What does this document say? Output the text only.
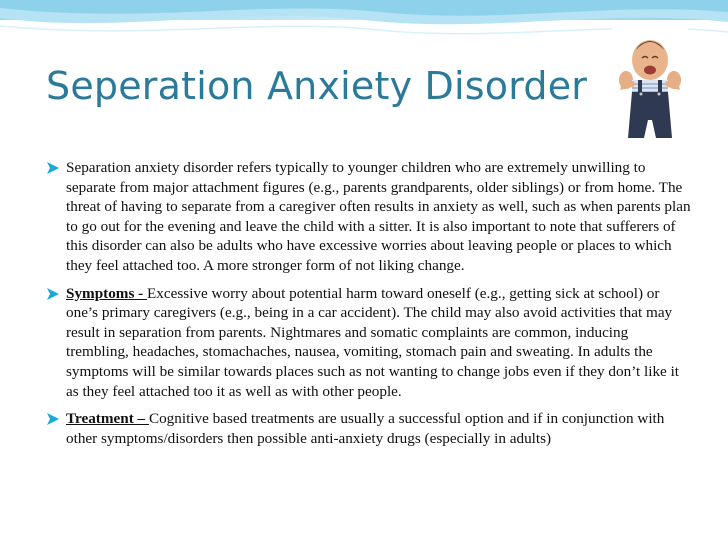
Seperation Anxiety Disorder
Separation anxiety disorder refers typically to younger children who are extremely unwilling to separate from major attachment figures (e.g., parents grandparents, older siblings) or from home. The threat of having to separate from a caregiver often results in anxiety as well, such as when parents plan to go out for the evening and leave the child with a sitter. It is also important to note that sufferers of this disorder can also be adults who have excessive worries about leaving people or places to which they feel attached too. A more stronger form of not liking change.
Symptoms - Excessive worry about potential harm toward oneself (e.g., getting sick at school) or one’s primary caregivers (e.g., being in a car accident). The child may also avoid activities that may result in separation from parents. Nightmares and somatic complaints are common, inducing trembling, headaches, stomachaches, nausea, vomiting, stomach pain and sweating. In adults the symptoms will be similar towards places such as not wanting to change jobs even if they don’t like it as they feel attached too it as well as with other people.
Treatment – Cognitive based treatments are usually a successful option and if in conjunction with other symptoms/disorders then possible anti-anxiety drugs (especially in adults)
